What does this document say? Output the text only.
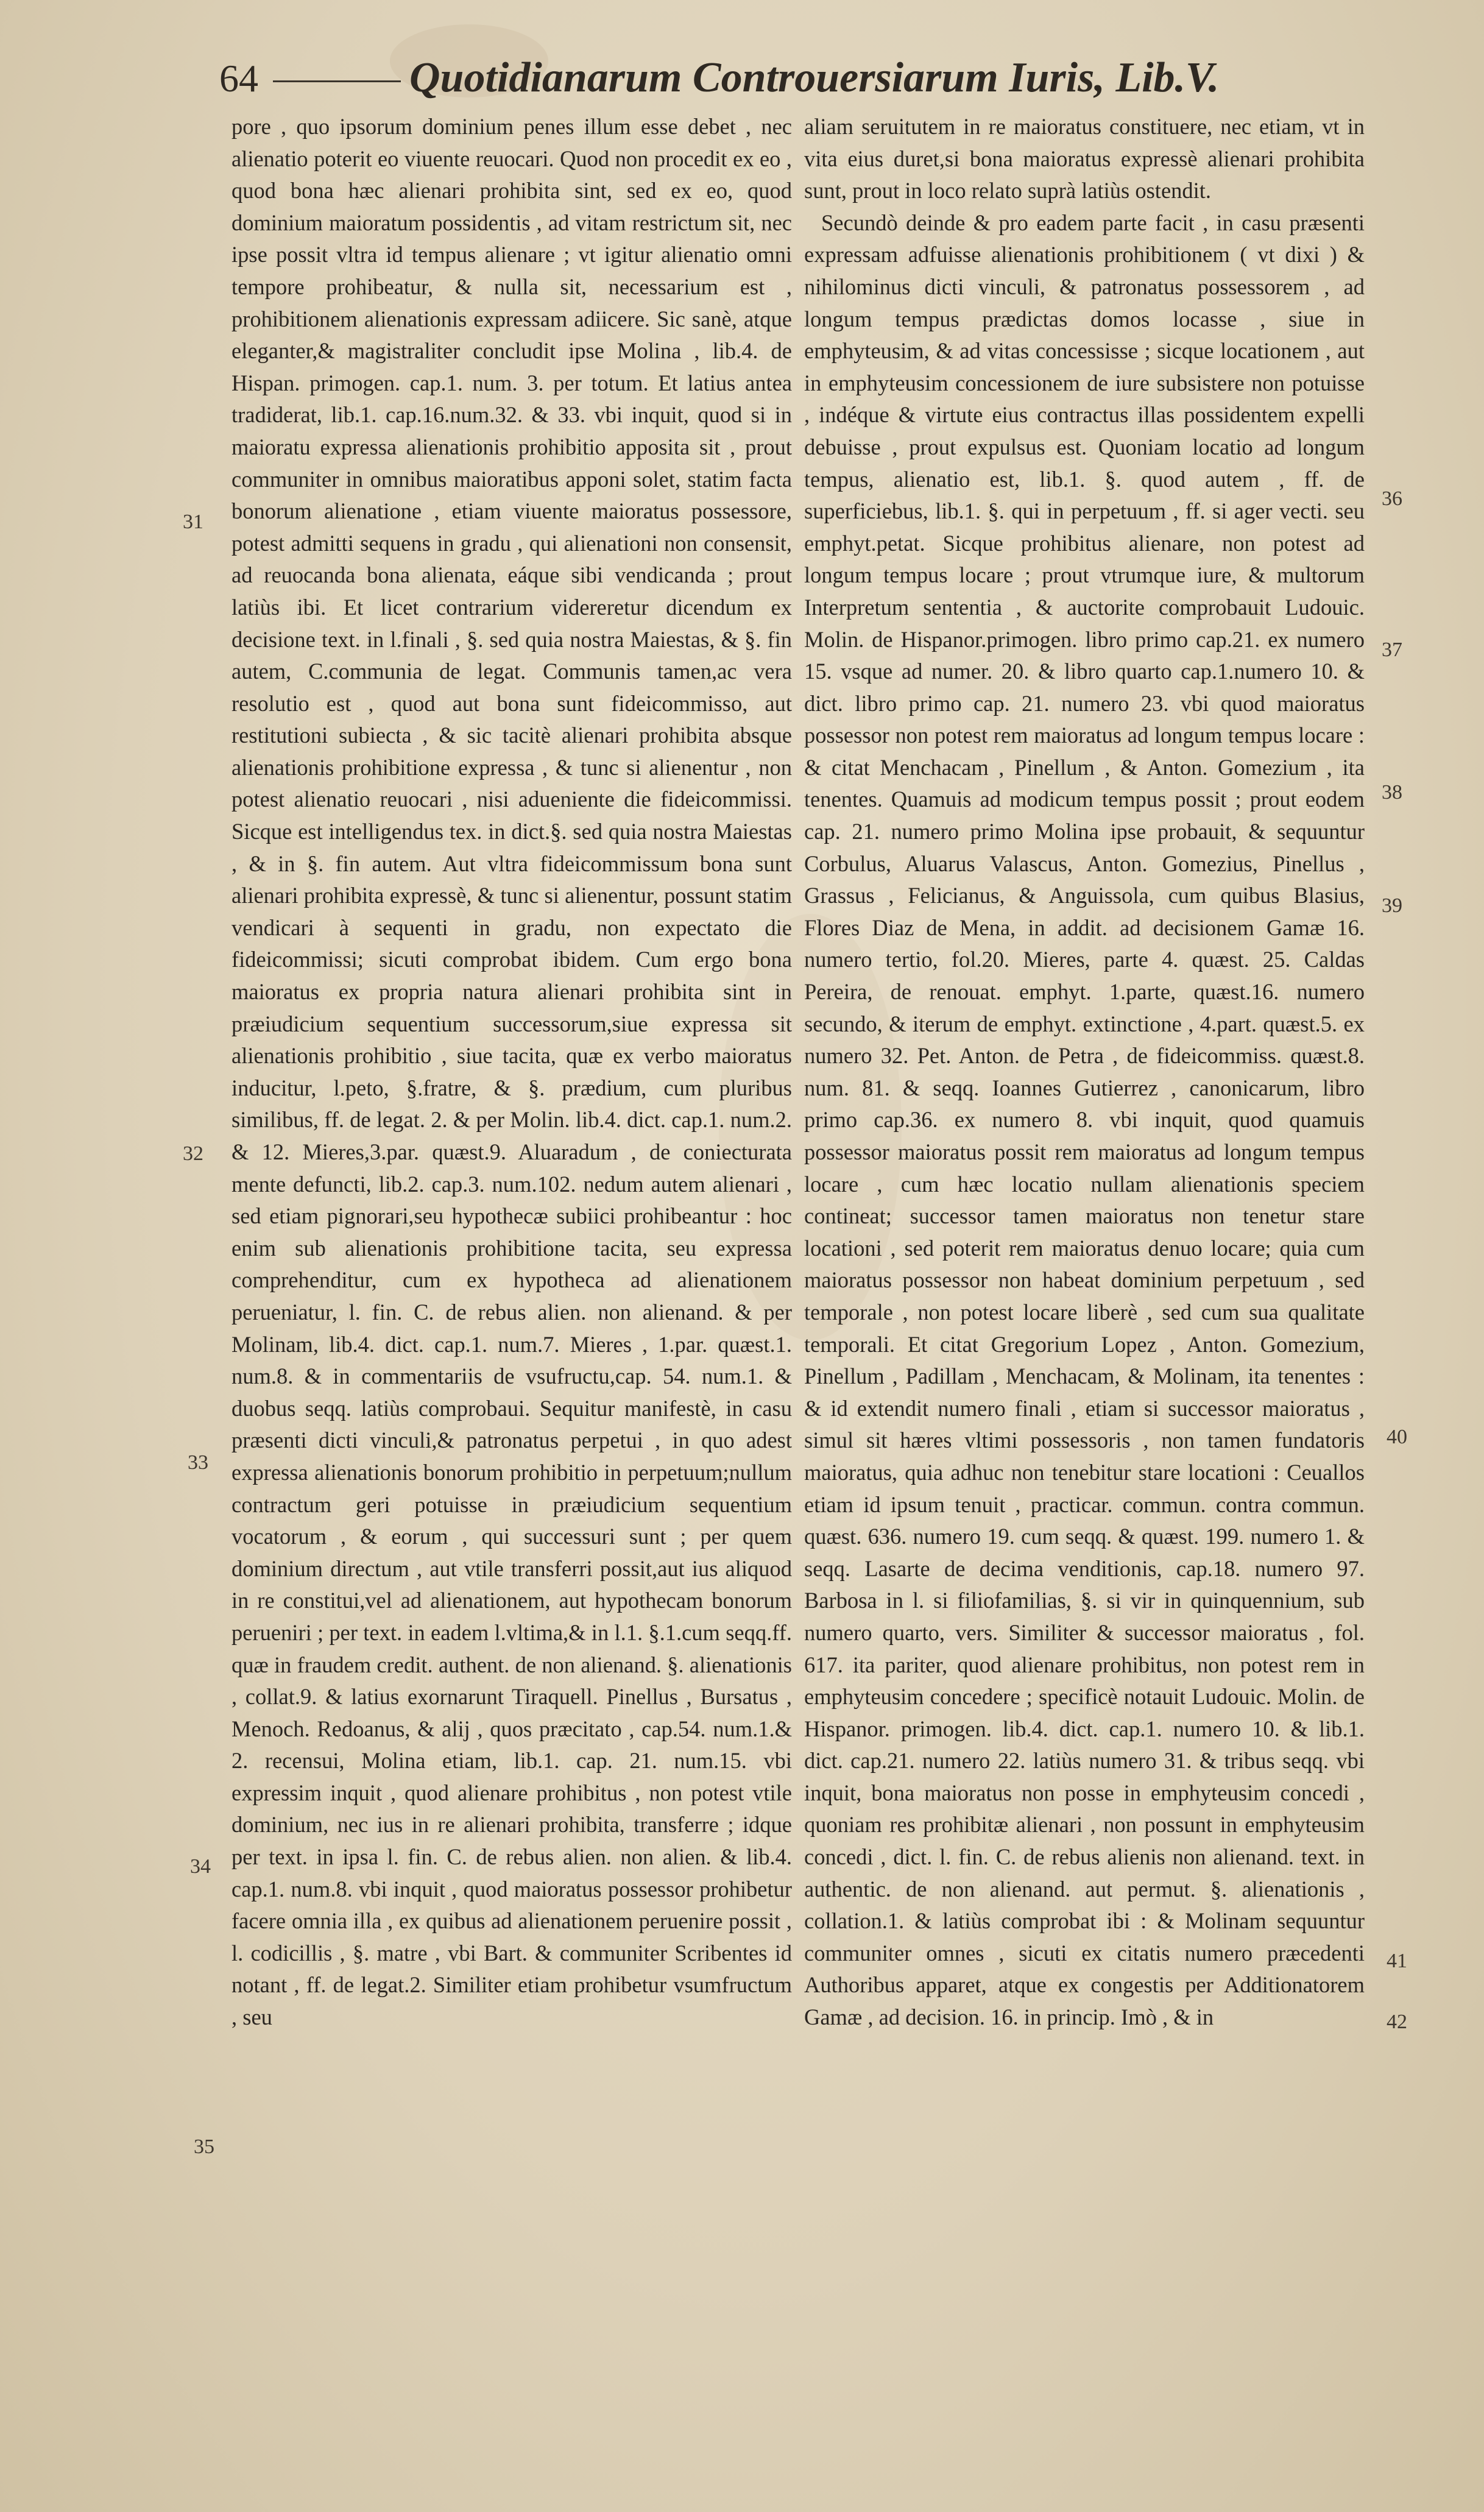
64	Quotidianarum Controuersiarum Iuris, Lib.V.

pore , quo ipsorum dominium penes illum esse debet , nec alienatio poterit eo viuente reuocari. Quod non procedit ex eo , quod bona hæc alienari prohibita sint, sed ex eo, quod dominium maioratum possidentis , ad vitam restrictum sit, nec ipse possit vltra id tempus alienare ; vt igitur alienatio omni tempore prohibeatur, & nulla sit, necessarium est , prohibitionem alienationis expressam adiicere. Sic sanè, atque eleganter,& magistraliter concludit ipse Molina , lib.4. de Hispan. primogen. cap.1. num. 3. per totum. Et latius antea tradiderat, lib.1. cap.16.num.32. & 33. vbi inquit, quod si in maioratu expressa alienationis prohibitio apposita sit , prout communiter in omnibus maioratibus apponi solet, statim facta bonorum alienatione , etiam viuente maioratus possessore, potest admitti sequens in gradu , qui alienationi non consensit, ad reuocanda bona alienata, eáque sibi vendicanda ; prout latiùs ibi. Et licet contrarium videreretur dicendum ex decisione text. in l.finali , §. sed quia nostra Maiestas, & §. fin autem, C.communia de legat. Communis tamen,ac vera resolutio est , quod aut bona sunt fideicommisso, aut restitutioni subiecta , & sic tacitè alienari prohibita absque alienationis prohibitione expressa , & tunc si alienentur , non potest alienatio reuocari , nisi adueniente die fideicommissi. Sicque est intelligendus tex. in dict.§. sed quia nostra Maiestas , & in §. fin autem. Aut vltra fideicommissum bona sunt alienari prohibita expressè, & tunc si alienentur, possunt statim vendicari à sequenti in gradu, non expectato die fideicommissi; sicuti comprobat ibidem. Cum ergo bona maioratus ex propria natura alienari prohibita sint in præiudicium sequentium successorum,siue expressa sit alienationis prohibitio , siue tacita, quæ ex verbo maioratus inducitur, l.peto, §.fratre, & §. prædium, cum pluribus similibus, ff. de legat. 2. & per Molin. lib.4. dict. cap.1. num.2. & 12. Mieres,3.par. quæst.9. Aluaradum , de coniecturata mente defuncti, lib.2. cap.3. num.102. nedum autem alienari , sed etiam pignorari,seu hypothecæ subiici prohibeantur : hoc enim sub alienationis prohibitione tacita, seu expressa comprehenditur, cum ex hypotheca ad alienationem perueniatur, l. fin. C. de rebus alien. non alienand. & per Molinam, lib.4. dict. cap.1. num.7. Mieres , 1.par. quæst.1. num.8. & in commentariis de vsufructu,cap. 54. num.1. & duobus seqq. latiùs comprobaui. Sequitur manifestè, in casu præsenti dicti vinculi,& patronatus perpetui , in quo adest expressa alienationis bonorum prohibitio in perpetuum;nullum contractum geri potuisse in præiudicium sequentium vocatorum , & eorum , qui successuri sunt ; per quem dominium directum , aut vtile transferri possit,aut ius aliquod in re constitui,vel ad alienationem, aut hypothecam bonorum perueniri ; per text. in eadem l.vltima,& in l.1. §.1.cum seqq.ff. quæ in fraudem credit. authent. de non alienand. §. alienationis , collat.9. & latius exornarunt Tiraquell. Pinellus , Bursatus , Menoch. Redoanus, & alij , quos præcitato , cap.54. num.1.& 2. recensui, Molina etiam, lib.1. cap. 21. num.15. vbi expressim inquit , quod alienare prohibitus , non potest vtile dominium, nec ius in re alienari prohibita, transferre ; idque per text. in ipsa l. fin. C. de rebus alien. non alien. & lib.4. cap.1. num.8. vbi inquit , quod maioratus possessor prohibetur facere omnia illa , ex quibus ad alienationem peruenire possit , l. codicillis , §. matre , vbi Bart. & communiter Scribentes id notant , ff. de legat.2. Similiter etiam prohibetur vsumfructum , seu

aliam seruitutem in re maioratus constituere, nec etiam, vt in vita eius duret,si bona maioratus expressè alienari prohibita sunt, prout in loco relato suprà latiùs ostendit.

Secundò deinde & pro eadem parte facit , in casu præsenti expressam adfuisse alienationis prohibitionem ( vt dixi ) & nihilominus dicti vinculi, & patronatus possessorem , ad longum tempus prædictas domos locasse , siue in emphyteusim, & ad vitas concessisse ; sicque locationem , aut in emphyteusim concessionem de iure subsistere non potuisse , indéque & virtute eius contractus illas possidentem expelli debuisse , prout expulsus est. Quoniam locatio ad longum tempus, alienatio est, lib.1. §. quod autem , ff. de superficiebus, lib.1. §. qui in perpetuum , ff. si ager vecti. seu emphyt.petat. Sicque prohibitus alienare, non potest ad longum tempus locare ; prout vtrumque iure, & multorum Interpretum sententia , & auctorite comprobauit Ludouic. Molin. de Hispanor.primogen. libro primo cap.21. ex numero 15. vsque ad numer. 20. & libro quarto cap.1.numero 10. & dict. libro primo cap. 21. numero 23. vbi quod maioratus possessor non potest rem maioratus ad longum tempus locare : & citat Menchacam , Pinellum , & Anton. Gomezium , ita tenentes. Quamuis ad modicum tempus possit ; prout eodem cap. 21. numero primo Molina ipse probauit, & sequuntur Corbulus, Aluarus Valascus, Anton. Gomezius, Pinellus , Grassus , Felicianus, & Anguissola, cum quibus Blasius, Flores Diaz de Mena, in addit. ad decisionem Gamæ 16. numero tertio, fol.20. Mieres, parte 4. quæst. 25. Caldas Pereira, de renouat. emphyt. 1.parte, quæst.16. numero secundo, & iterum de emphyt. extinctione , 4.part. quæst.5. ex numero 32. Pet. Anton. de Petra , de fideicommiss. quæst.8. num. 81. & seqq. Ioannes Gutierrez , canonicarum, libro primo cap.36. ex numero 8. vbi inquit, quod quamuis possessor maioratus possit rem maioratus ad longum tempus locare , cum hæc locatio nullam alienationis speciem contineat; successor tamen maioratus non tenetur stare locationi , sed poterit rem maioratus denuo locare; quia cum maioratus possessor non habeat dominium perpetuum , sed temporale , non potest locare liberè , sed cum sua qualitate temporali. Et citat Gregorium Lopez , Anton. Gomezium, Pinellum , Padillam , Menchacam, & Molinam, ita tenentes : & id extendit numero finali , etiam si successor maioratus , simul sit hæres vltimi possessoris , non tamen fundatoris maioratus, quia adhuc non tenebitur stare locationi : Ceuallos etiam id ipsum tenuit , practicar. commun. contra commun. quæst. 636. numero 19. cum seqq. & quæst. 199. numero 1. & seqq. Lasarte de decima venditionis, cap.18. numero 97. Barbosa in l. si filiofamilias, §. si vir in quinquennium, sub numero quarto, vers. Similiter & successor maioratus , fol. 617. ita pariter, quod alienare prohibitus, non potest rem in emphyteusim concedere ; specificè notauit Ludouic. Molin. de Hispanor. primogen. lib.4. dict. cap.1. numero 10. & lib.1. dict. cap.21. numero 22. latiùs numero 31. & tribus seqq. vbi inquit, bona maioratus non posse in emphyteusim concedi , quoniam res prohibitæ alienari , non possunt in emphyteusim concedi , dict. l. fin. C. de rebus alienis non alienand. text. in authentic. de non alienand. aut permut. §. alienationis , collation.1. & latiùs comprobat ibi : & Molinam sequuntur communiter omnes , sicuti ex citatis numero præcedenti Authoribus apparet, atque ex congestis per Additionatorem Gamæ , ad decision. 16. in princip. Imò , & in

31
32
33
34
35
36
37
38
39
40
41
42
